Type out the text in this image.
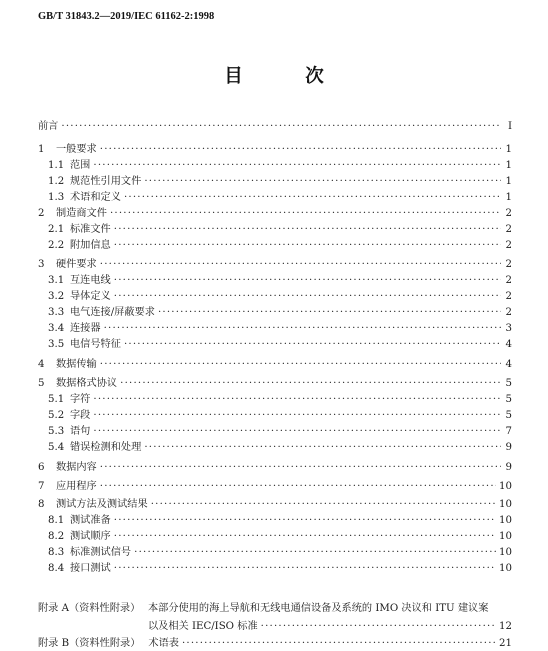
GB/T 31843.2—2019/IEC 61162-2:1998
目　次
前言 ·····	Ⅰ
1	一般要求 ·····	1
1.1 范围 ·····	1
1.2 规范性引用文件 ·····	1
1.3 术语和定义 ·····	1
2	制造商文件 ·····	2
2.1 标准文件 ·····	2
2.2 附加信息 ·····	2
3	硬件要求 ·····	2
3.1 互连电线 ·····	2
3.2 导体定义 ·····	2
3.3 电气连接/屏蔽要求 ·····	2
3.4 连接器 ·····	3
3.5 电信号特征 ·····	4
4	数据传输 ·····	4
5	数据格式协议 ·····	5
5.1 字符 ·····	5
5.2 字段 ·····	5
5.3 语句 ·····	7
5.4 错误检测和处理 ·····	9
6	数据内容 ·····	9
7	应用程序 ·····	10
8	测试方法及测试结果 ·····	10
8.1 测试准备 ·····	10
8.2 测试顺序 ·····	10
8.3 标准测试信号 ·····	10
8.4 接口测试 ·····	10
附录 A（资料性附录） 本部分使用的海上导航和无线电通信设备及系统的 IMO 决议和 ITU 建议案
以及相关 IEC/ISO 标准 ·····	12
附录 B（资料性附录） 术语表 ·····	21
